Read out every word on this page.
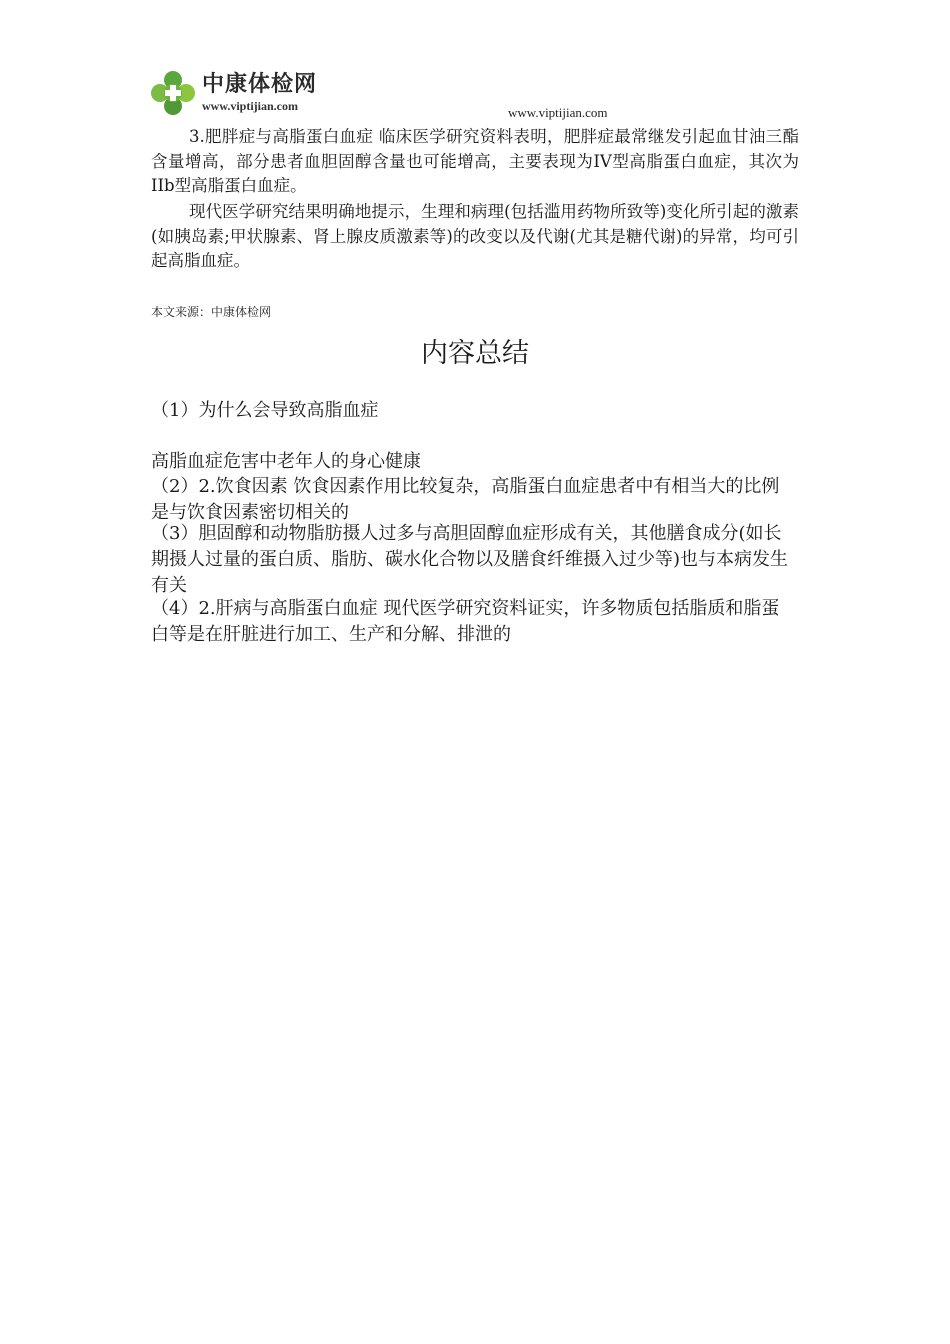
中康体检网
www.viptijian.com	www.viptijian.com

3.肥胖症与高脂蛋白血症 临床医学研究资料表明，肥胖症最常继发引起血甘油三酯含量增高，部分患者血胆固醇含量也可能增高，主要表现为IV型高脂蛋白血症，其次为IIb型高脂蛋白血症。

现代医学研究结果明确地提示，生理和病理(包括滥用药物所致等)变化所引起的激素(如胰岛素;甲状腺素、肾上腺皮质激素等)的改变以及代谢(尤其是糖代谢)的异常，均可引起高脂血症。

本文来源：中康体检网
内容总结

（1）为什么会导致高脂血症

高脂血症危害中老年人的身心健康

（2）2.饮食因素 饮食因素作用比较复杂，高脂蛋白血症患者中有相当大的比例是与饮食因素密切相关的

（3）胆固醇和动物脂肪摄人过多与高胆固醇血症形成有关，其他膳食成分(如长期摄人过量的蛋白质、脂肪、碳水化合物以及膳食纤维摄入过少等)也与本病发生有关

（4）2.肝病与高脂蛋白血症 现代医学研究资料证实，许多物质包括脂质和脂蛋白等是在肝脏进行加工、生产和分解、排泄的
